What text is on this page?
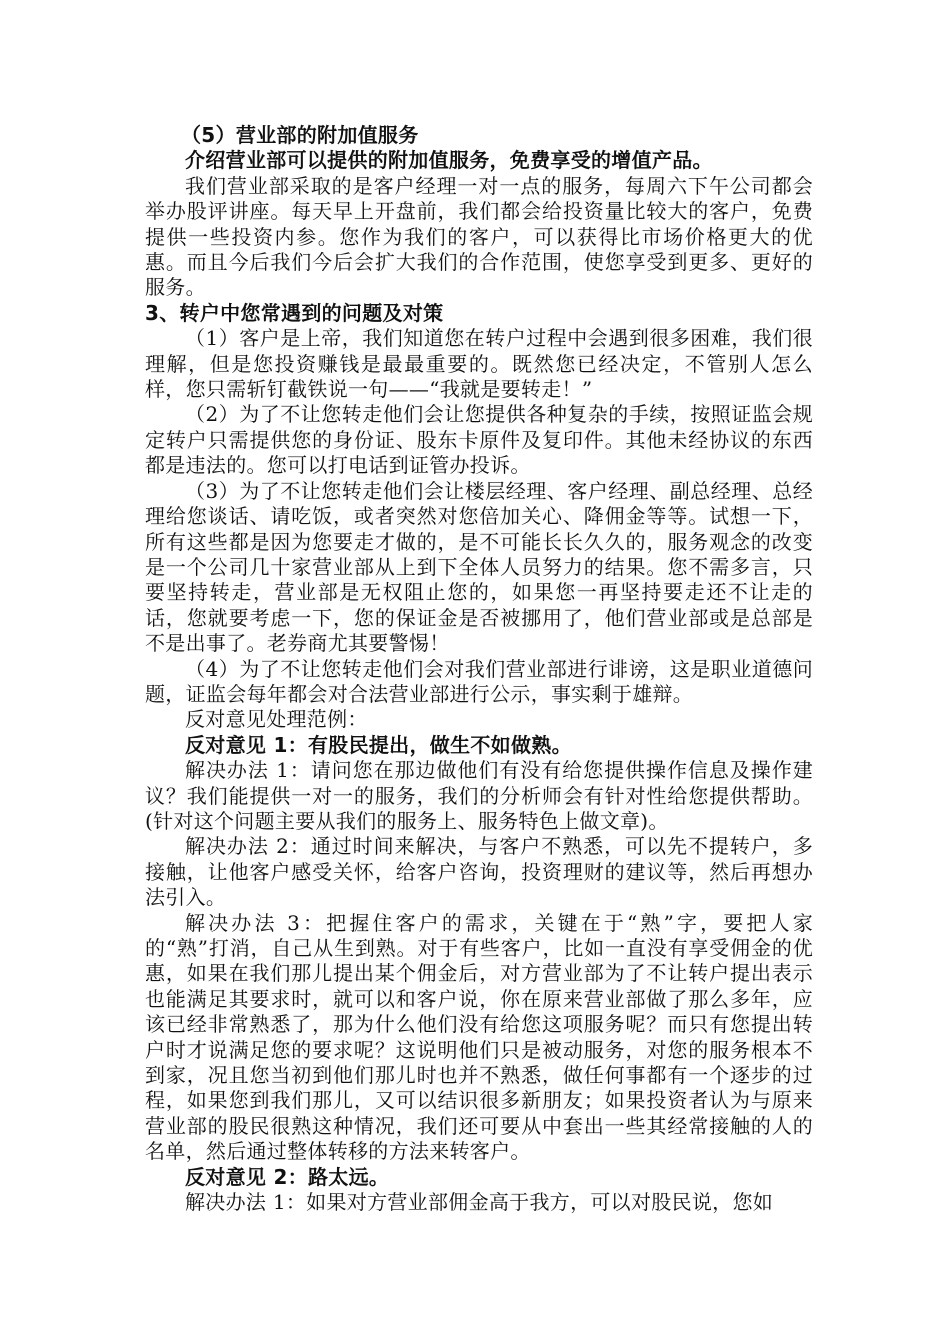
（5）营业部的附加值服务

介绍营业部可以提供的附加值服务，免费享受的增值产品。

我们营业部采取的是客户经理一对一点的服务，每周六下午公司都会举办股评讲座。每天早上开盘前，我们都会给投资量比较大的客户，免费提供一些投资内参。您作为我们的客户，可以获得比市场价格更大的优惠。而且今后我们今后会扩大我们的合作范围，使您享受到更多、更好的服务。

3、转户中您常遇到的问题及对策

（1）客户是上帝，我们知道您在转户过程中会遇到很多困难，我们很理解，但是您投资赚钱是最最重要的。既然您已经决定，不管别人怎么样，您只需斩钉截铁说一句——“我就是要转走！”

（2）为了不让您转走他们会让您提供各种复杂的手续，按照证监会规定转户只需提供您的身份证、股东卡原件及复印件。其他未经协议的东西都是违法的。您可以打电话到证管办投诉。

（3）为了不让您转走他们会让楼层经理、客户经理、副总经理、总经理给您谈话、请吃饭，或者突然对您倍加关心、降佣金等等。试想一下，所有这些都是因为您要走才做的，是不可能长长久久的，服务观念的改变是一个公司几十家营业部从上到下全体人员努力的结果。您不需多言，只要坚持转走，营业部是无权阻止您的，如果您一再坚持要走还不让走的话，您就要考虑一下，您的保证金是否被挪用了，他们营业部或是总部是不是出事了。老券商尤其要警惕！

（4）为了不让您转走他们会对我们营业部进行诽谤，这是职业道德问题，证监会每年都会对合法营业部进行公示，事实剩于雄辩。

反对意见处理范例：

反对意见 1：有股民提出，做生不如做熟。

解决办法 1：请问您在那边做他们有没有给您提供操作信息及操作建议？我们能提供一对一的服务，我们的分析师会有针对性给您提供帮助。(针对这个问题主要从我们的服务上、服务特色上做文章)。

解决办法 2：通过时间来解决，与客户不熟悉，可以先不提转户，多接触，让他客户感受关怀，给客户咨询，投资理财的建议等，然后再想办法引入。

解决办法 3：把握住客户的需求，关键在于“熟”字，要把人家的“熟”打消，自己从生到熟。对于有些客户，比如一直没有享受佣金的优惠，如果在我们那儿提出某个佣金后，对方营业部为了不让转户提出表示也能满足其要求时，就可以和客户说，你在原来营业部做了那么多年，应该已经非常熟悉了，那为什么他们没有给您这项服务呢？而只有您提出转户时才说满足您的要求呢？这说明他们只是被动服务，对您的服务根本不到家，况且您当初到他们那儿时也并不熟悉，做任何事都有一个逐步的过程，如果您到我们那儿，又可以结识很多新朋友；如果投资者认为与原来营业部的股民很熟这种情况，我们还可要从中套出一些其经常接触的人的名单，然后通过整体转移的方法来转客户。

反对意见 2：路太远。

解决办法 1：如果对方营业部佣金高于我方，可以对股民说，您如
